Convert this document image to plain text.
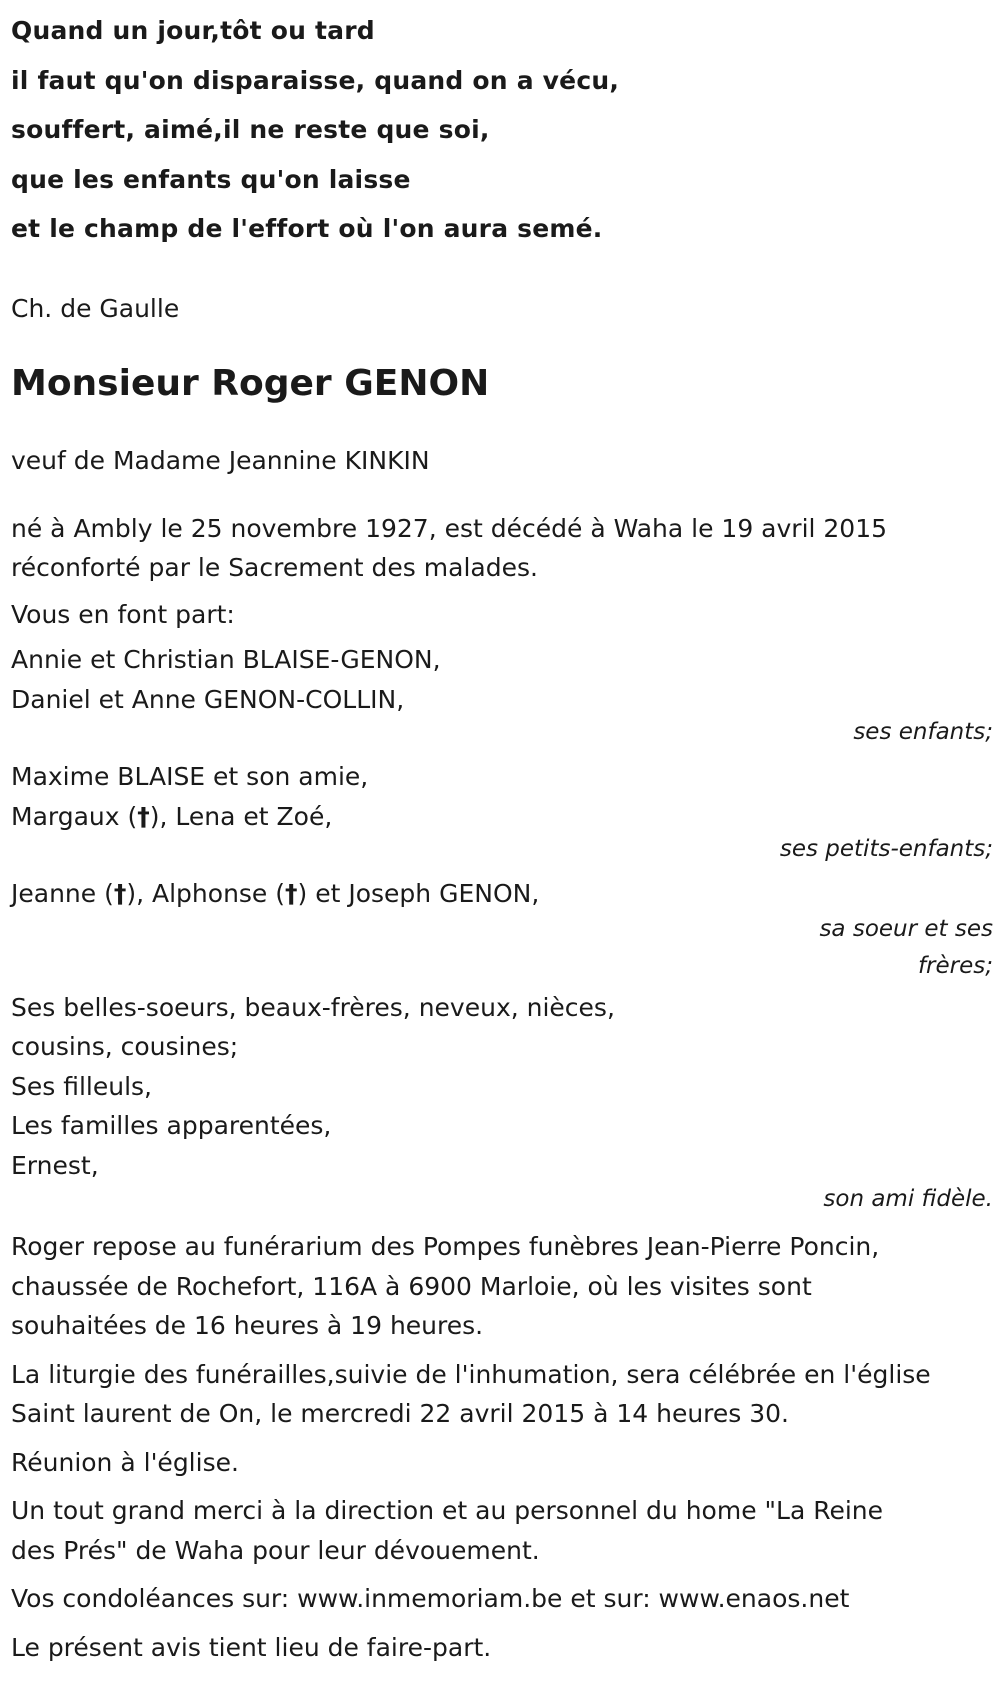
Quand un jour,tôt ou tard
il faut qu'on disparaisse, quand on a vécu,
souffert, aimé,il ne reste que soi,
que les enfants qu'on laisse
et le champ de l'effort où l'on aura semé.
Ch. de Gaulle
Monsieur Roger GENON
veuf de Madame Jeannine KINKIN
né à Ambly le 25 novembre 1927, est décédé à Waha le 19 avril 2015
réconforté par le Sacrement des malades.
Vous en font part:
Annie et Christian BLAISE-GENON,
Daniel et Anne GENON-COLLIN,
ses enfants;
Maxime BLAISE et son amie,
Margaux (†), Lena et Zoé,
ses petits-enfants;
Jeanne (†), Alphonse (†) et Joseph GENON,
sa soeur et ses
frères;
Ses belles-soeurs, beaux-frères, neveux, nièces,
cousins, cousines;
Ses filleuls,
Les familles apparentées,
Ernest,
son ami fidèle.
Roger repose au funérarium des Pompes funèbres Jean-Pierre Poncin,
chaussée de Rochefort, 116A à 6900 Marloie, où les visites sont
souhaitées de 16 heures à 19 heures.
La liturgie des funérailles,suivie de l'inhumation, sera célébrée en l'église
Saint laurent de On, le mercredi 22 avril 2015 à 14 heures 30.
Réunion à l'église.
Un tout grand merci à la direction et au personnel du home "La Reine
des Prés" de Waha pour leur dévouement.
Vos condoléances sur: www.inmemoriam.be et sur: www.enaos.net
Le présent avis tient lieu de faire-part.
